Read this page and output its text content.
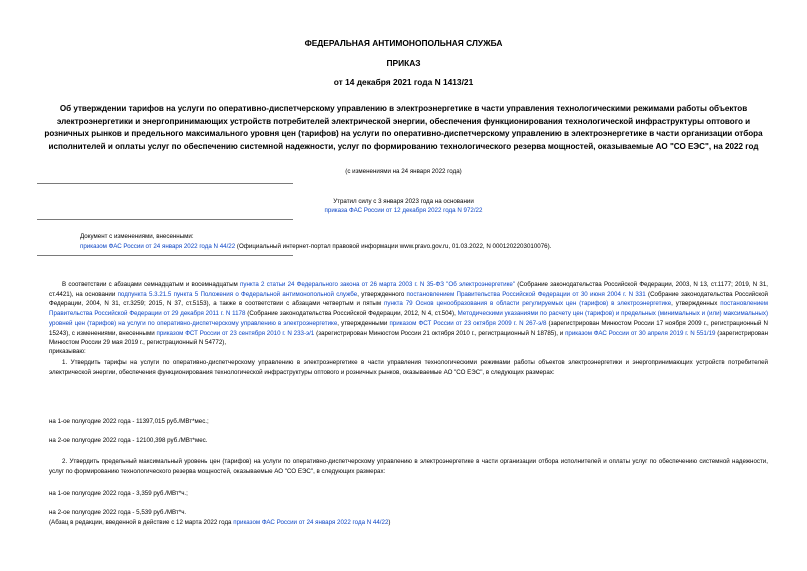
ФЕДЕРАЛЬНАЯ АНТИМОНОПОЛЬНАЯ СЛУЖБА
ПРИКАЗ
от 14 декабря 2021 года N 1413/21
Об утверждении тарифов на услуги по оперативно-диспетчерскому управлению в электроэнергетике в части управления технологическими режимами работы объектов электроэнергетики и энергопринимающих устройств потребителей электрической энергии, обеспечения функционирования технологической инфраструктуры оптового и розничных рынков и предельного максимального уровня цен (тарифов) на услуги по оперативно-диспетчерскому управлению в электроэнергетике в части организации отбора исполнителей и оплаты услуг по обеспечению системной надежности, услуг по формированию технологического резерва мощностей, оказываемые АО "СО ЕЭС", на 2022 год
(с изменениями на 24 января 2022 года)
Утратил силу с 3 января 2023 года на основании
приказа ФАС России от 12 декабря 2022 года N 972/22
Документ с изменениями, внесенными:
приказом ФАС России от 24 января 2022 года N 44/22 (Официальный интернет-портал правовой информации www.pravo.gov.ru, 01.03.2022, N 0001202203010076).
В соответствии с абзацами семнадцатым и восемнадцатым пункта 2 статьи 24 Федерального закона от 26 марта 2003 г. N 35-ФЗ "Об электроэнергетике" (Собрание законодательства Российской Федерации, 2003, N 13, ст.1177; 2019, N 31, ст.4421), на основании подпункта 5.3.21.5 пункта 5 Положения о Федеральной антимонопольной службе, утвержденного постановлением Правительства Российской Федерации от 30 июня 2004 г. N 331 (Собрание законодательства Российской Федерации, 2004, N 31, ст.3259; 2015, N 37, ст.5153), а также в соответствии с абзацами четвертым и пятым пункта 79 Основ ценообразования в области регулируемых цен (тарифов) в электроэнергетике, утвержденных постановлением Правительства Российской Федерации от 29 декабря 2011 г. N 1178 (Собрание законодательства Российской Федерации, 2012, N 4, ст.504), Методическими указаниями по расчету цен (тарифов) и предельных (минимальных и (или) максимальных) уровней цен (тарифов) на услуги по оперативно-диспетчерскому управлению в электроэнергетике, утвержденными приказом ФСТ России от 23 октября 2009 г. N 267-э/8 (зарегистрирован Минюстом России 17 ноября 2009 г., регистрационный N 15243), с изменениями, внесенными приказом ФСТ России от 23 сентября 2010 г. N 233-э/1 (зарегистрирован Минюстом России 21 октября 2010 г., регистрационный N 18785), и приказом ФАС России от 30 апреля 2019 г. N 551/19 (зарегистрирован Минюстом России 29 мая 2019 г., регистрационный N 54772),
приказываю:
1. Утвердить тарифы на услуги по оперативно-диспетчерскому управлению в электроэнергетике в части управления технологическими режимами работы объектов электроэнергетики и энергопринимающих устройств потребителей электрической энергии, обеспечения функционирования технологической инфраструктуры оптового и розничных рынков, оказываемые АО "СО ЕЭС", в следующих размерах:
на 1-ое полугодие 2022 года - 11397,015 руб./МВт*мес.;
на 2-ое полугодие 2022 года - 12100,398 руб./МВт*мес.
2. Утвердить предельный максимальный уровень цен (тарифов) на услуги по оперативно-диспетчерскому управлению в электроэнергетике в части организации отбора исполнителей и оплаты услуг по обеспечению системной надежности, услуг по формированию технологического резерва мощностей, оказываемые АО "СО ЕЭС", в следующих размерах:
на 1-ое полугодие 2022 года - 3,359 руб./МВт*ч.;
на 2-ое полугодие 2022 года - 5,539 руб./МВт*ч.
(Абзац в редакции, введенной в действие с 12 марта 2022 года приказом ФАС России от 24 января 2022 года N 44/22)
